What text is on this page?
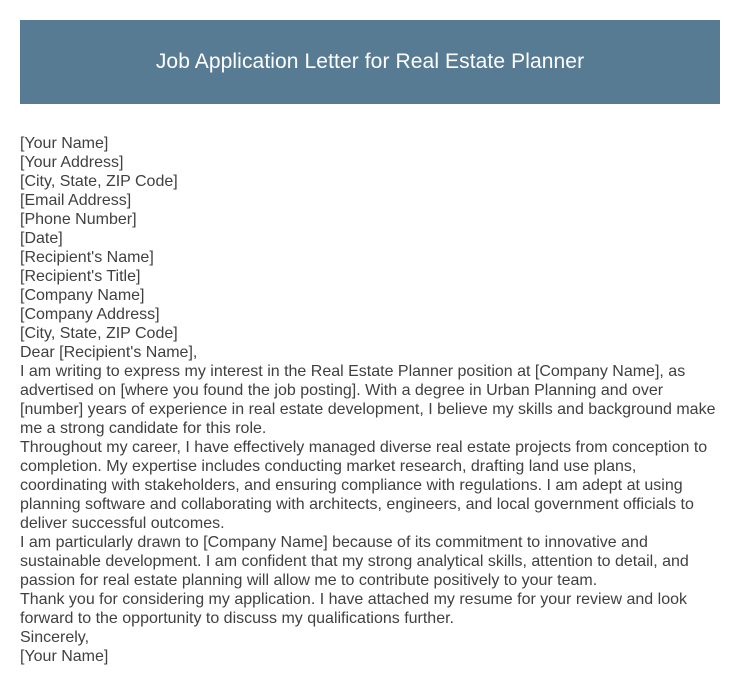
Job Application Letter for Real Estate Planner
[Your Name]
[Your Address]
[City, State, ZIP Code]
[Email Address]
[Phone Number]
[Date]
[Recipient's Name]
[Recipient's Title]
[Company Name]
[Company Address]
[City, State, ZIP Code]
Dear [Recipient's Name],
I am writing to express my interest in the Real Estate Planner position at [Company Name], as
advertised on [where you found the job posting]. With a degree in Urban Planning and over
[number] years of experience in real estate development, I believe my skills and background make
me a strong candidate for this role.
Throughout my career, I have effectively managed diverse real estate projects from conception to
completion. My expertise includes conducting market research, drafting land use plans,
coordinating with stakeholders, and ensuring compliance with regulations. I am adept at using
planning software and collaborating with architects, engineers, and local government officials to
deliver successful outcomes.
I am particularly drawn to [Company Name] because of its commitment to innovative and
sustainable development. I am confident that my strong analytical skills, attention to detail, and
passion for real estate planning will allow me to contribute positively to your team.
Thank you for considering my application. I have attached my resume for your review and look
forward to the opportunity to discuss my qualifications further.
Sincerely,
[Your Name]
